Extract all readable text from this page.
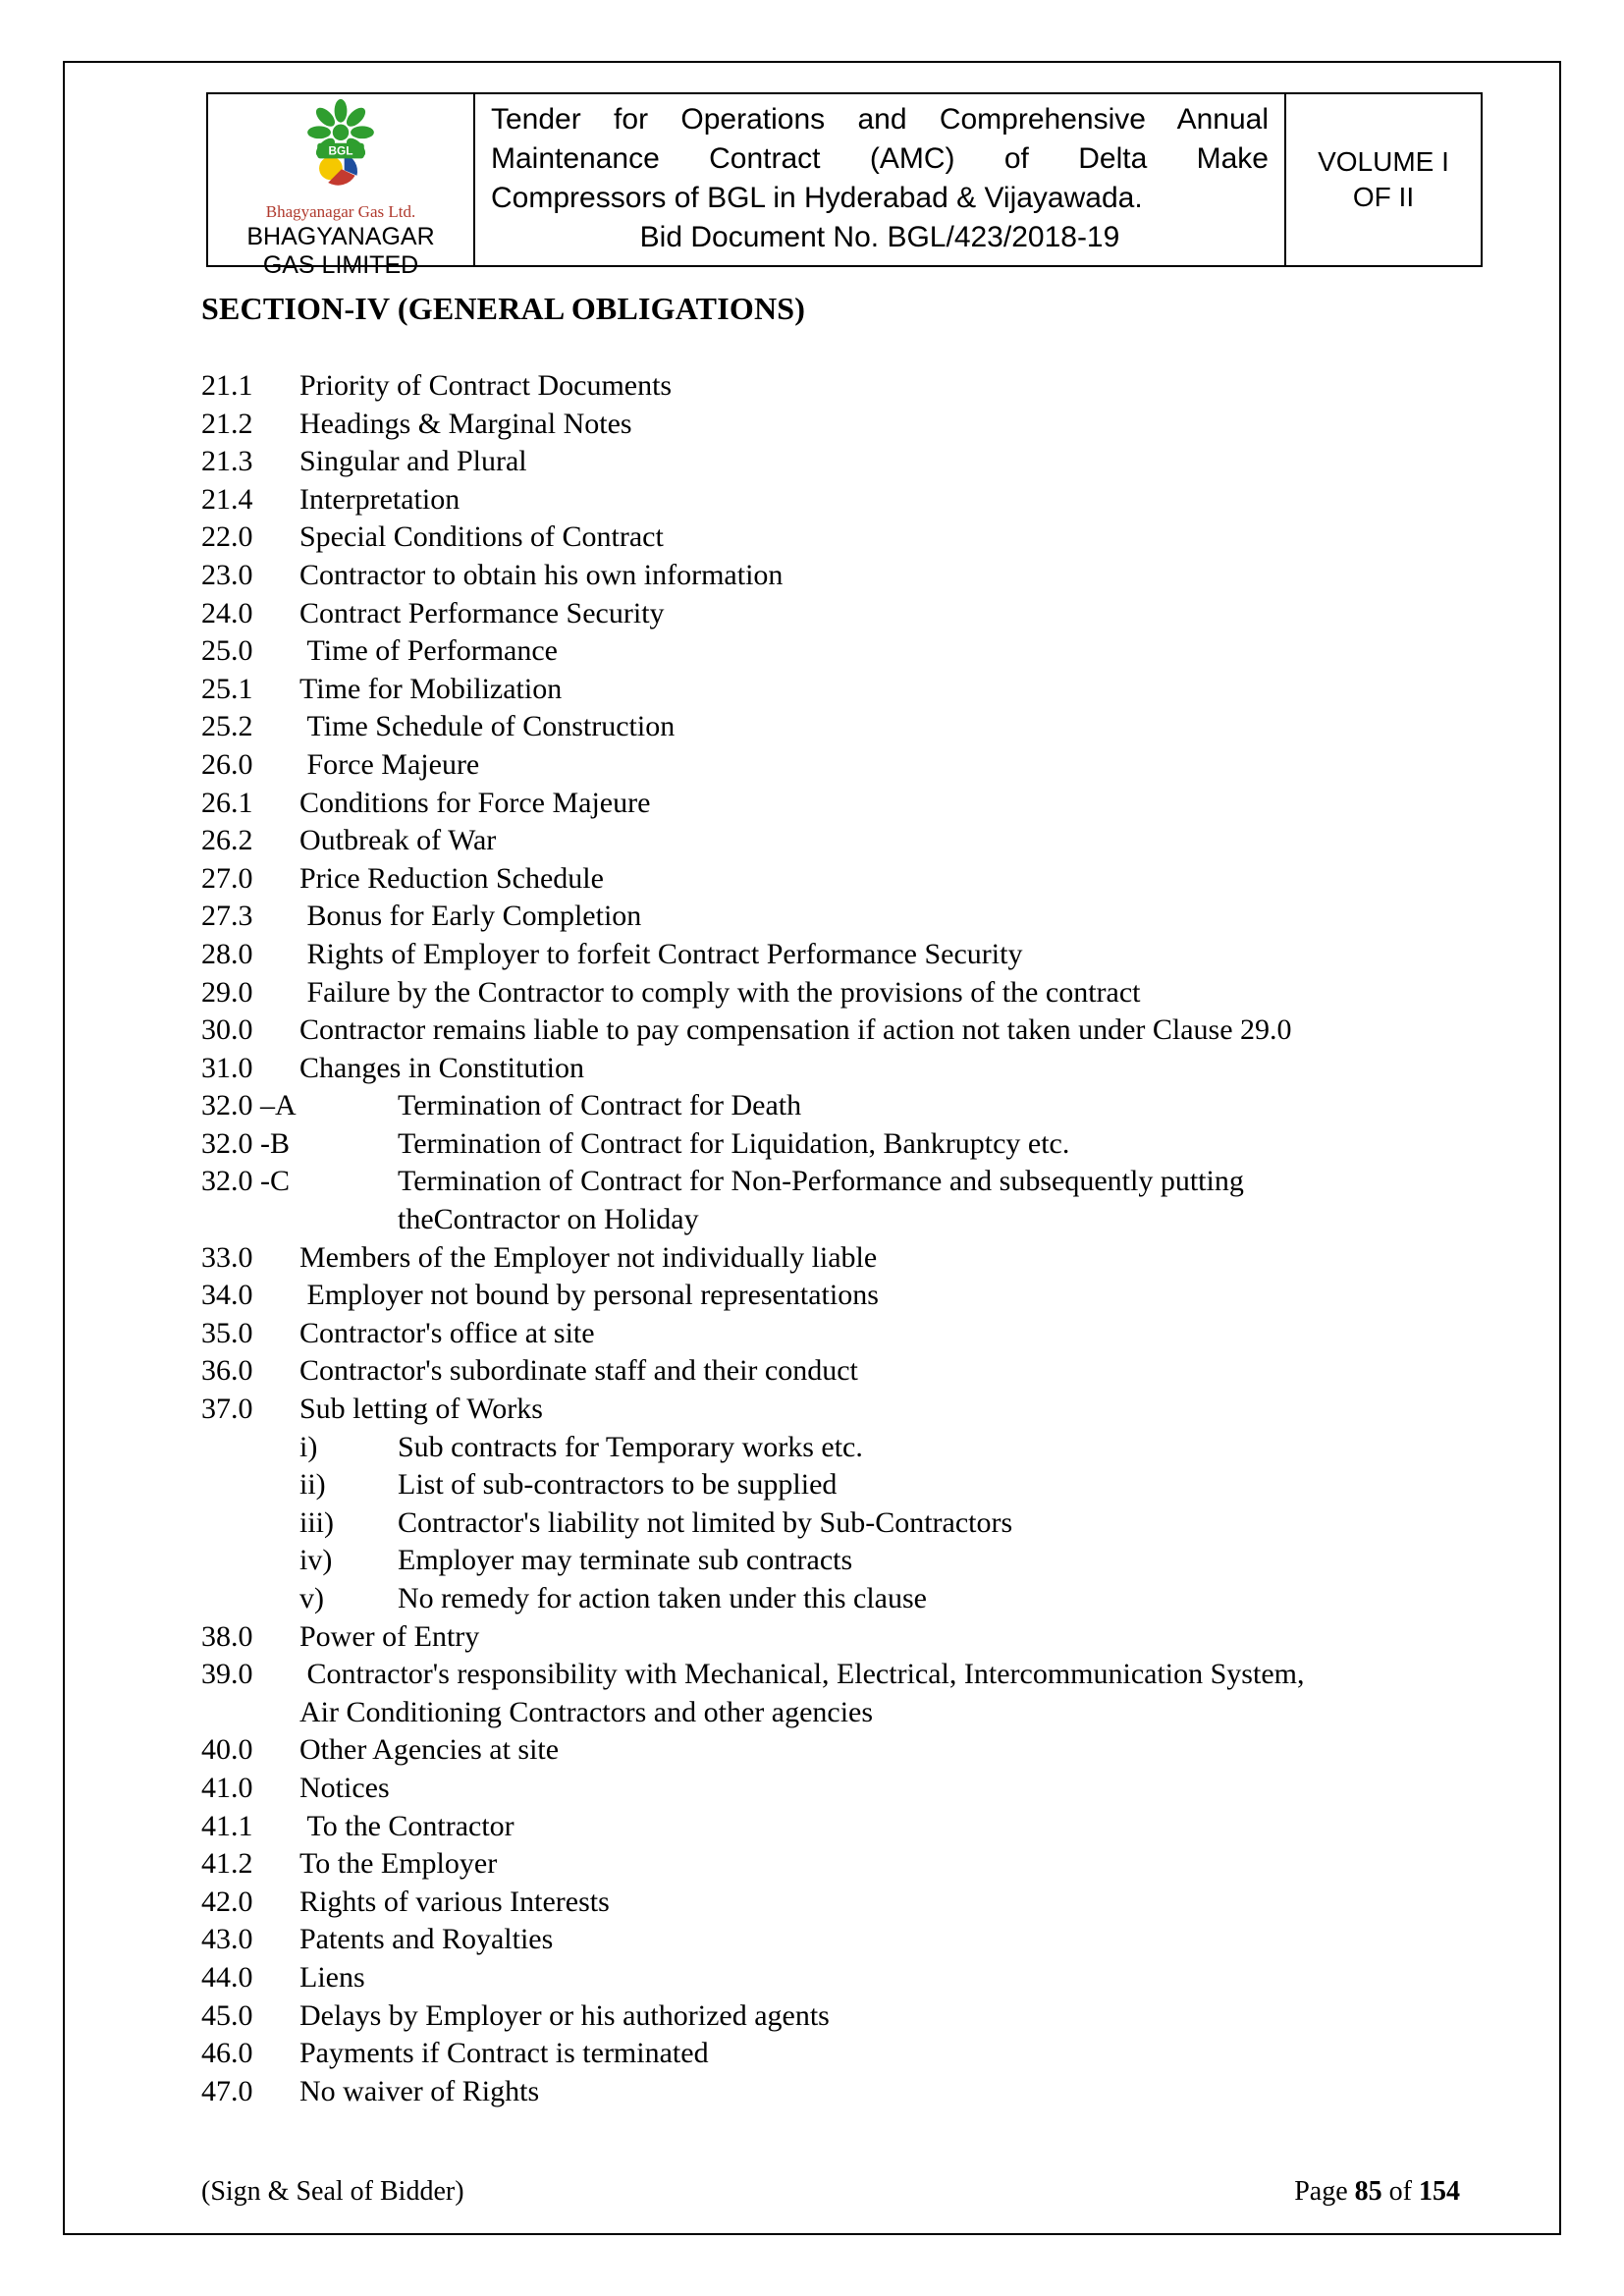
BGL
Bhagyanagar Gas Ltd.
BHAGYANAGAR GAS LIMITED
Tender for Operations and Comprehensive Annual
Maintenance Contract (AMC) of Delta Make
Compressors of BGL in Hyderabad & Vijayawada.
Bid Document No. BGL/423/2018-19
VOLUME I
OF II
SECTION-IV (GENERAL OBLIGATIONS)
21.1	Priority of Contract Documents
21.2	Headings & Marginal Notes
21.3	Singular and Plural
21.4	Interpretation
22.0	Special Conditions of Contract
23.0	Contractor to obtain his own information
24.0	Contract Performance Security
25.0	Time of Performance
25.1	Time for Mobilization
25.2	Time Schedule of Construction
26.0	Force Majeure
26.1	Conditions for Force Majeure
26.2	Outbreak of War
27.0	Price Reduction Schedule
27.3	Bonus for Early Completion
28.0	Rights of Employer to forfeit Contract Performance Security
29.0	Failure by the Contractor to comply with the provisions of the contract
30.0	Contractor remains liable to pay compensation if action not taken under Clause 29.0
31.0	Changes in Constitution
32.0 –A	Termination of Contract for Death
32.0 -B	Termination of Contract for Liquidation, Bankruptcy etc.
32.0 -C	Termination of Contract for Non-Performance and subsequently putting
theContractor on Holiday
33.0	Members of the Employer not individually liable
34.0	Employer not bound by personal representations
35.0	Contractor's office at site
36.0	Contractor's subordinate staff and their conduct
37.0	Sub letting of Works
i)	Sub contracts for Temporary works etc.
ii)	List of sub-contractors to be supplied
iii)	Contractor's liability not limited by Sub-Contractors
iv)	Employer may terminate sub contracts
v)	No remedy for action taken under this clause
38.0	Power of Entry
39.0	Contractor's responsibility with Mechanical, Electrical, Intercommunication System,
Air Conditioning Contractors and other agencies
40.0	Other Agencies at site
41.0	Notices
41.1	To the Contractor
41.2	To the Employer
42.0	Rights of various Interests
43.0	Patents and Royalties
44.0	Liens
45.0	Delays by Employer or his authorized agents
46.0	Payments if Contract is terminated
47.0	No waiver of Rights
(Sign & Seal of Bidder)	Page 85 of 154
